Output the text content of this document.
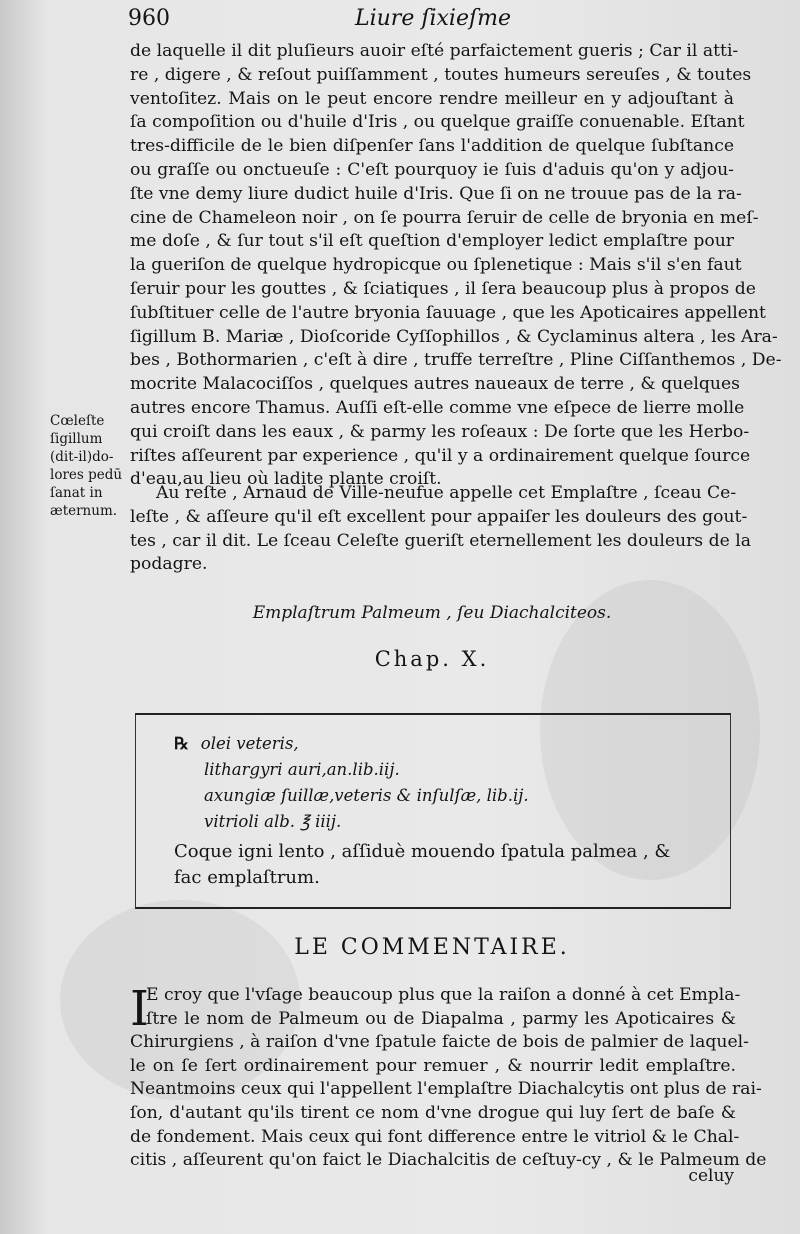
960	Liure ſixieſme
de laquelle il dit pluſieurs auoir eſté parfaictement gueris ; Car il atti-
re , digere , & reſout puiſſamment , toutes humeurs sereuſes , & toutes
ventoſitez. Mais on le peut encore rendre meilleur en y adjouſtant à
ſa compoſition ou d'huile d'Iris , ou quelque graiſſe conuenable. Eſtant
tres-difficile de le bien diſpenſer ſans l'addition de quelque ſubſtance
ou graſſe ou onctueuſe : C'eſt pourquoy ie ſuis d'aduis qu'on y adjou-
ſte vne demy liure dudict huile d'Iris. Que ſi on ne trouue pas de la ra-
cine de Chameleon noir , on ſe pourra ſeruir de celle de bryonia en meſ-
me doſe , & ſur tout s'il eſt queſtion d'employer ledict emplaſtre pour
la gueriſon de quelque hydropicque ou ſplenetique : Mais s'il s'en faut
ſeruir pour les gouttes , & ſciatiques , il ſera beaucoup plus à propos de
ſubſtituer celle de l'autre bryonia ſauuage , que les Apoticaires appellent
ſigillum B. Mariæ , Dioſcoride Cyſſophillos , & Cyclaminus altera , les Ara-
bes , Bothormarien , c'eſt à dire , truffe terreſtre , Pline Ciſſanthemos , De-
mocrite Malacociſſos , quelques autres naueaux de terre , & quelques
autres encore Thamus. Auſſi eſt-elle comme vne eſpece de lierre molle
qui croiſt dans les eaux , & parmy les roſeaux : De ſorte que les Herbo-
riſtes aſſeurent par experience , qu'il y a ordinairement quelque ſource
d'eau,au lieu où ladite plante croiſt.
Cœleſte
ſigillum
(dit-il)do-
lores pedū
ſanat in
æternum.
Au reſte , Arnaud de Ville-neufue appelle cet Emplaſtre , ſceau Ce-
leſte , & aſſeure qu'il eſt excellent pour appaiſer les douleurs des gout-
tes , car il dit. Le ſceau Celeſte gueriſt eternellement les douleurs de la
podagre.
Emplaſtrum Palmeum , ſeu Diachalciteos.
Chap. X.
℞ olei veteris,
lithargyri auri,an.lib.iij.
axungiæ ſuillæ,veteris & inſulſæ, lib.ij.
vitrioli alb. ℥ iiij.
Coque igni lento , aſſiduè mouendo ſpatula palmea , &
fac emplaſtrum.
LE COMMENTAIRE.
I
E croy que l'vſage beaucoup plus que la raiſon a donné à cet Empla-
ſtre le nom de Palmeum ou de Diapalma , parmy les Apoticaires &
Chirurgiens , à raiſon d'vne ſpatule faicte de bois de palmier de laquel-
le on ſe ſert ordinairement pour remuer , & nourrir ledit emplaſtre.
Neantmoins ceux qui l'appellent l'emplaſtre Diachalcytis ont plus de rai-
ſon, d'autant qu'ils tirent ce nom d'vne drogue qui luy ſert de baſe &
de fondement. Mais ceux qui font difference entre le vitriol & le Chal-
citis , aſſeurent qu'on faict le Diachalcitis de ceſtuy-cy , & le Palmeum de
celuy
